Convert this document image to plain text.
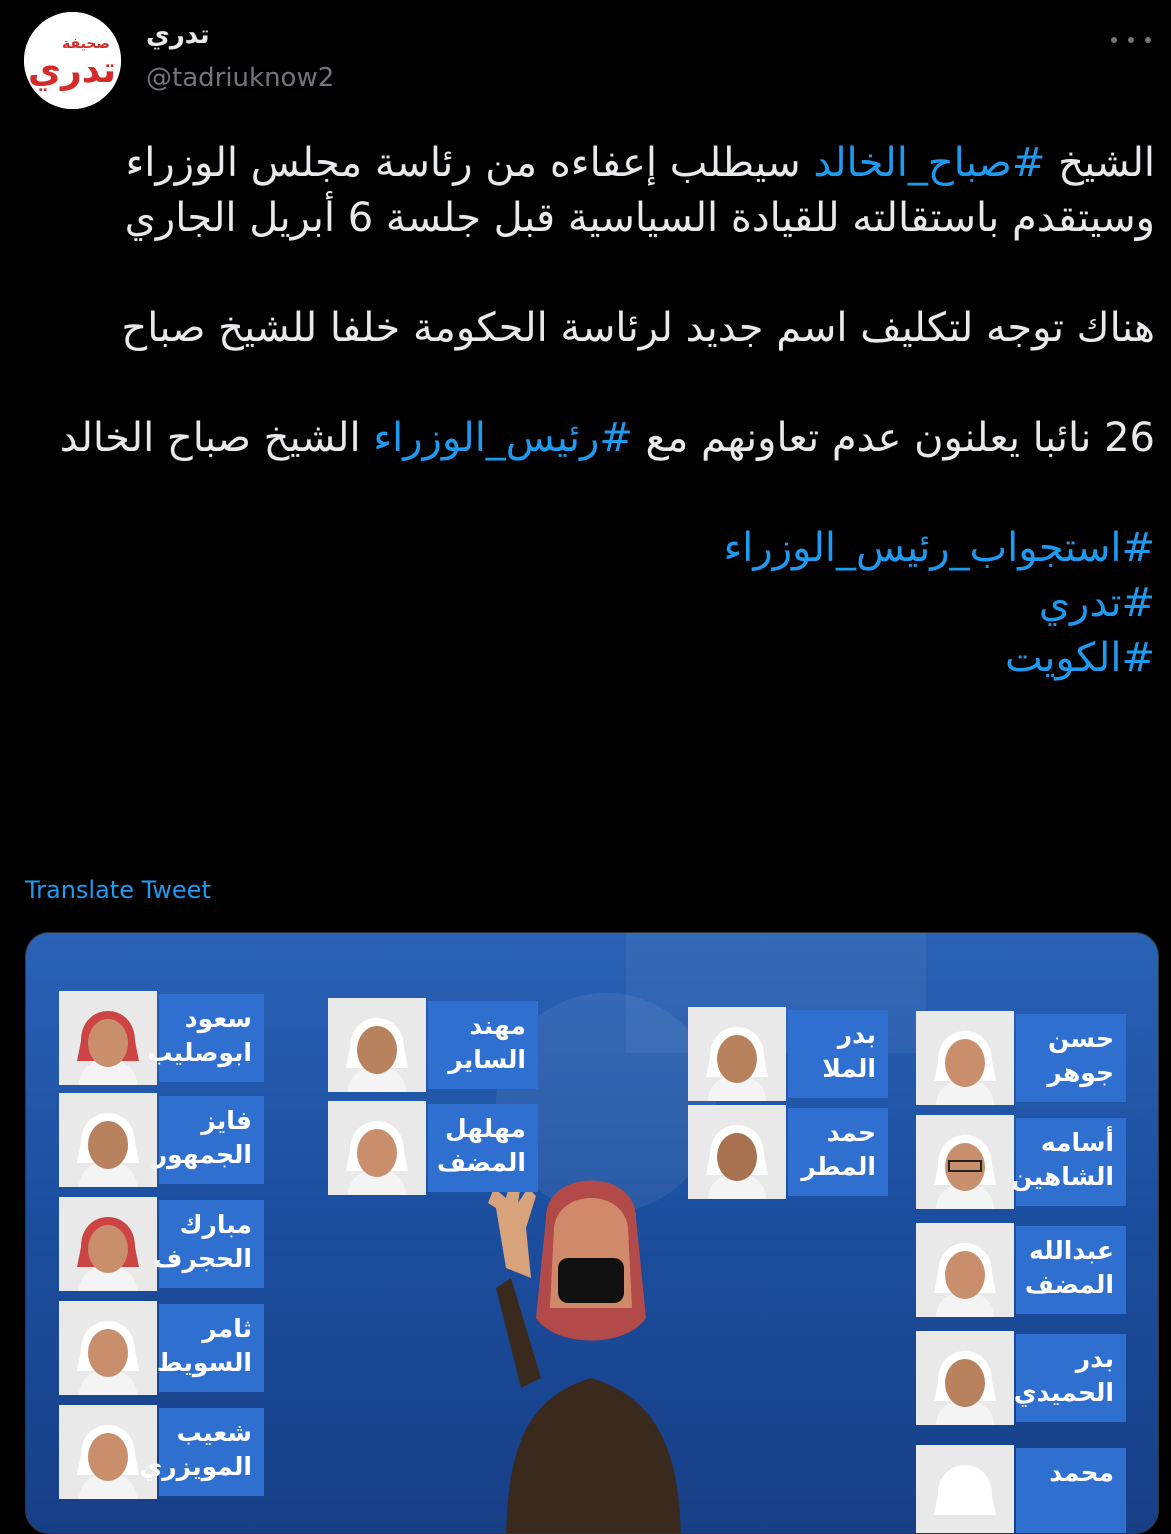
صحيفة
تدري
تدري
@tadriuknow2

الشيخ #صباح_الخالد سيطلب إعفاءه من رئاسة مجلس الوزراء وسيتقدم باستقالته للقيادة السياسية قبل جلسة 6 أبريل الجاري

هناك توجه لتكليف اسم جديد لرئاسة الحكومة خلفا للشيخ صباح

26 نائبا يعلنون عدم تعاونهم مع #رئيس_الوزراء الشيخ صباح الخالد

#استجواب_رئيس_الوزراء

#تدري

#الكويت

Translate Tweet
سعود
ابوصليب
فايز
الجمهور
مبارك
الحجرف
ثامر
السويط
شعيب
المويزري
مهند
الساير
مهلهل
المضف
بدر
الملا
حمد
المطر
حسن
جوهر
أسامه
الشاهين
عبدالله
المضف
بدر
الحميدي
محمد
